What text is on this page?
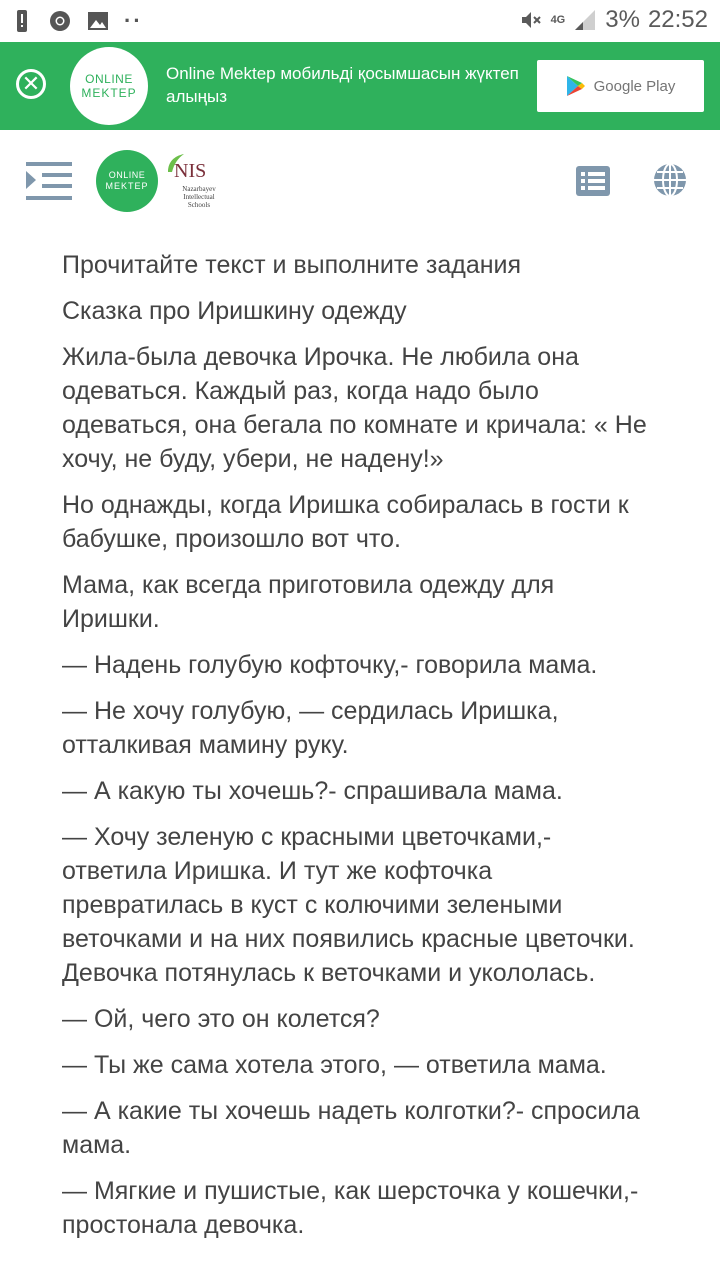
··	4G 3% 22:52
✕	ONLINE
MEKTEP
Online Mektep мобильді қосымшасын жүктеп алыңыз
Google Play
ONLINE
MEKTEP
NIS
Nazarbayev Intellectual Schools

Прочитайте текст и выполните задания

Сказка про Иришкину одежду

Жила-была девочка Ирочка. Не любила она одеваться. Каждый раз, когда надо было одеваться, она бегала по комнате и кричала: « Не хочу, не буду, убери, не надену!»

Но однажды, когда Иришка собиралась в гости к бабушке, произошло вот что.

Мама, как всегда приготовила одежду для Иришки.

— Надень голубую кофточку,- говорила мама.

— Не хочу голубую, — сердилась Иришка, отталкивая мамину руку.

— А какую ты хочешь?- спрашивала мама.

— Хочу зеленую с красными цветочками,- ответила Иришка. И тут же кофточка превратилась в куст с колючими зелеными веточками и на них появились красные цветочки. Девочка потянулась к веточками и укололась.

— Ой, чего это он колется?

— Ты же сама хотела этого, — ответила мама.

— А какие ты хочешь надеть колготки?- спросила мама.

— Мягкие и пушистые, как шерсточка у кошечки,- простонала девочка.
